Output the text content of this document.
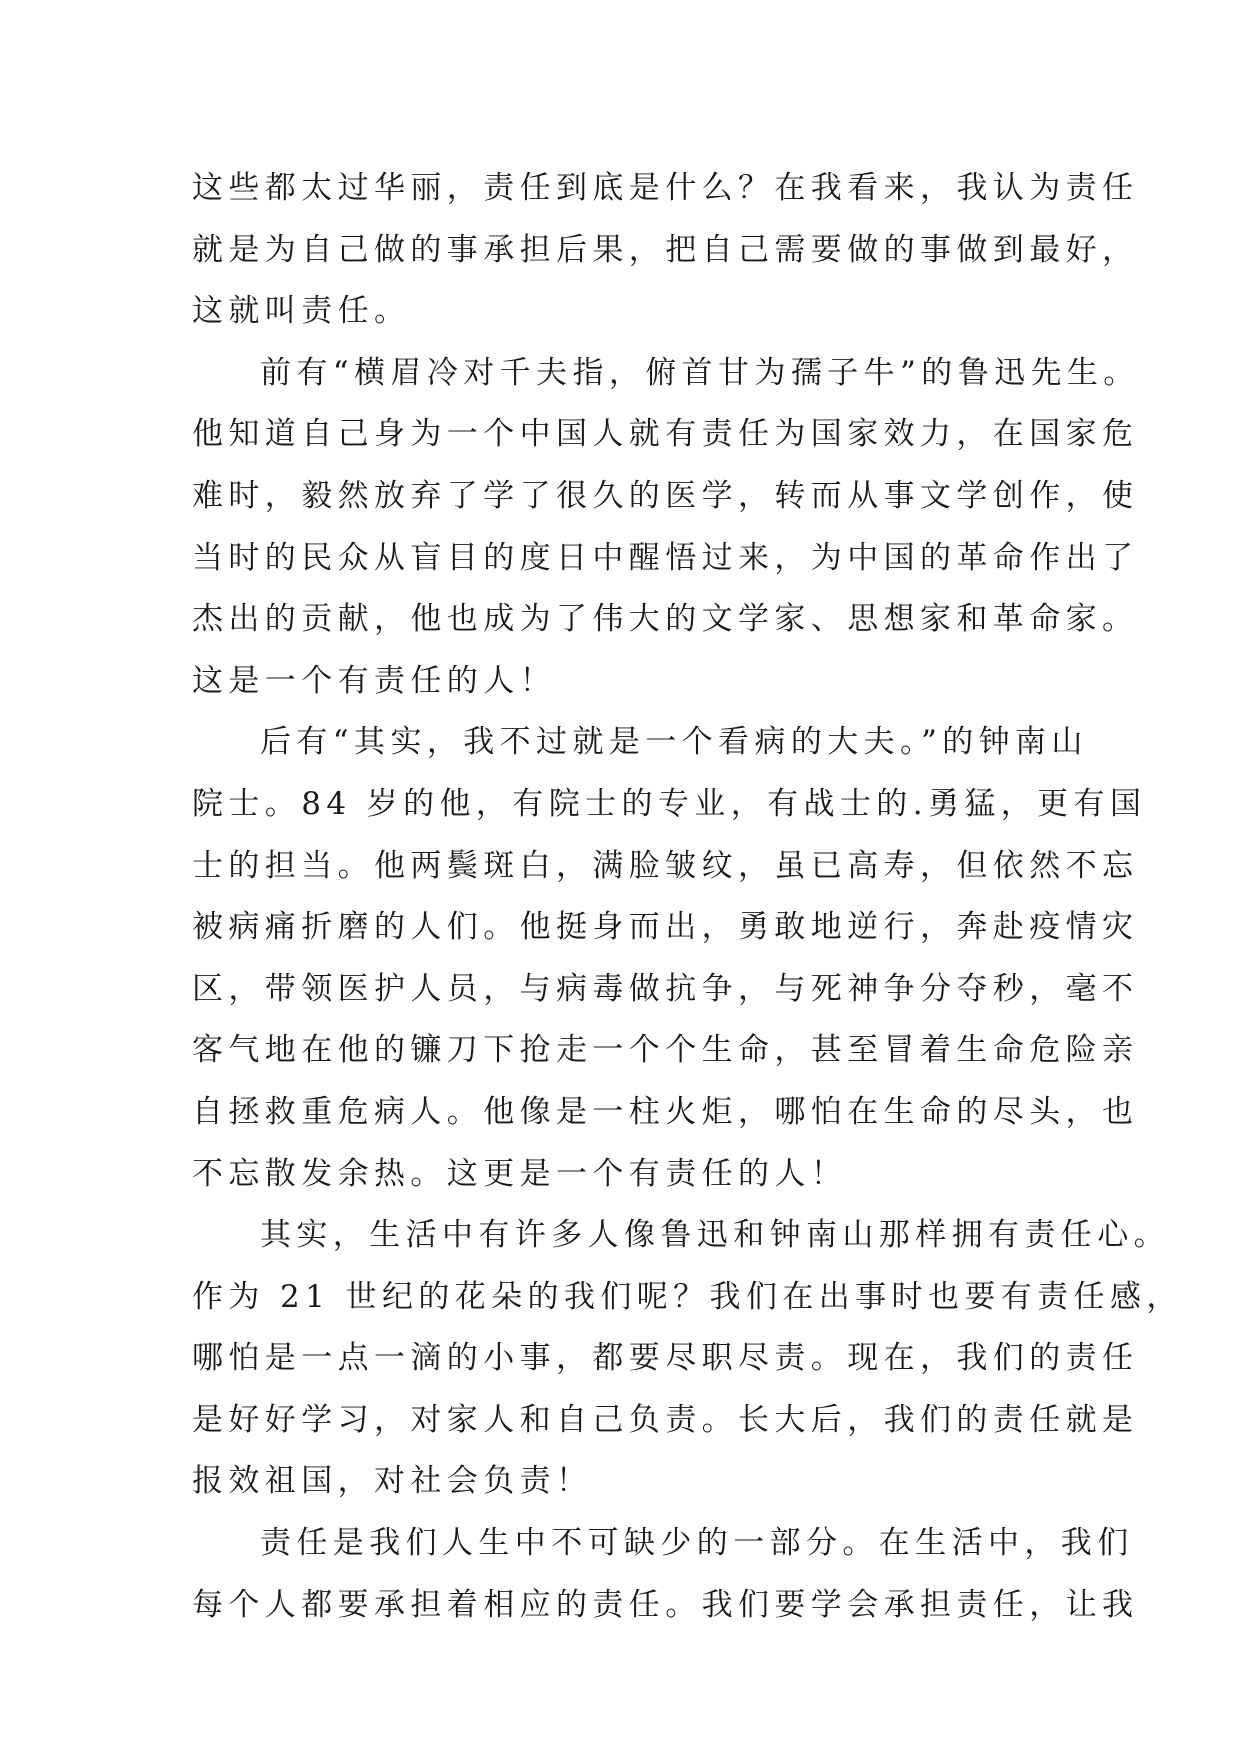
这些都太过华丽，责任到底是什么？在我看来，我认为责任
就是为自己做的事承担后果，把自己需要做的事做到最好，
这就叫责任。
前有“横眉冷对千夫指，俯首甘为孺子牛”的鲁迅先生。
他知道自己身为一个中国人就有责任为国家效力，在国家危
难时，毅然放弃了学了很久的医学，转而从事文学创作，使
当时的民众从盲目的度日中醒悟过来，为中国的革命作出了
杰出的贡献，他也成为了伟大的文学家、思想家和革命家。
这是一个有责任的人！
后有“其实，我不过就是一个看病的大夫。”的钟南山
院士。84 岁的他，有院士的专业，有战士的.勇猛，更有国
士的担当。他两鬓斑白，满脸皱纹，虽已高寿，但依然不忘
被病痛折磨的人们。他挺身而出，勇敢地逆行，奔赴疫情灾
区，带领医护人员，与病毒做抗争，与死神争分夺秒，毫不
客气地在他的镰刀下抢走一个个生命，甚至冒着生命危险亲
自拯救重危病人。他像是一柱火炬，哪怕在生命的尽头，也
不忘散发余热。这更是一个有责任的人！
其实，生活中有许多人像鲁迅和钟南山那样拥有责任心。
作为 21 世纪的花朵的我们呢？我们在出事时也要有责任感，
哪怕是一点一滴的小事，都要尽职尽责。现在，我们的责任
是好好学习，对家人和自己负责。长大后，我们的责任就是
报效祖国，对社会负责！
责任是我们人生中不可缺少的一部分。在生活中，我们
每个人都要承担着相应的责任。我们要学会承担责任，让我
